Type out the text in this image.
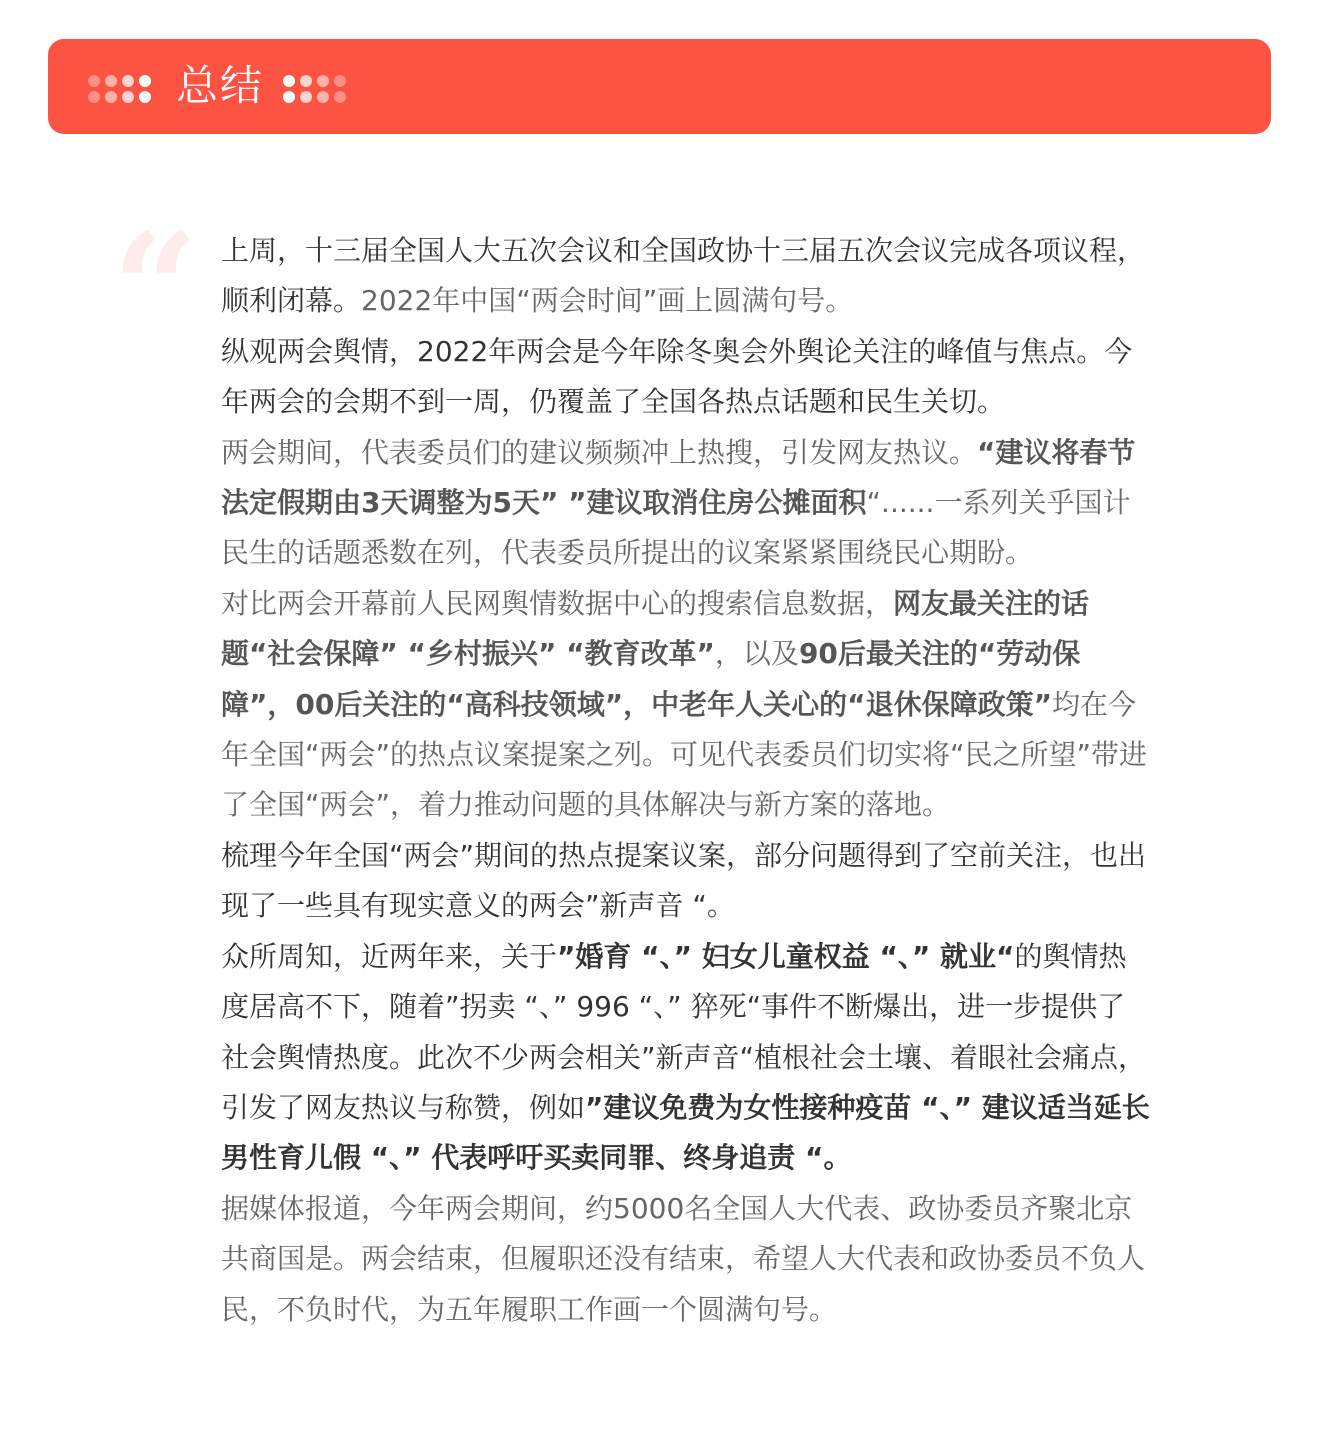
总结
“ 上周，十三届全国人大五次会议和全国政协十三届五次会议完成各项议程，顺利闭幕。2022年中国“两会时间”画上圆满句号。

纵观两会舆情，2022年两会是今年除冬奥会外舆论关注的峰值与焦点。今年两会的会期不到一周，仍覆盖了全国各热点话题和民生关切。

两会期间，代表委员们的建议频频冲上热搜，引发网友热议。“建议将春节法定假期由3天调整为5天” ”建议取消住房公摊面积“......一系列关乎国计民生的话题悉数在列，代表委员所提出的议案紧紧围绕民心期盼。

对比两会开幕前人民网舆情数据中心的搜索信息数据，网友最关注的话题“社会保障” “乡村振兴” “教育改革”，以及90后最关注的“劳动保障”，00后关注的“高科技领域”，中老年人关心的“退休保障政策”均在今年全国“两会”的热点议案提案之列。可见代表委员们切实将“民之所望”带进了全国“两会”，着力推动问题的具体解决与新方案的落地。

梳理今年全国“两会”期间的热点提案议案，部分问题得到了空前关注，也出现了一些具有现实意义的两会”新声音 “。

众所周知，近两年来，关于”婚育 “、” 妇女儿童权益 “、” 就业“的舆情热度居高不下，随着”拐卖 “、” 996 “、” 猝死“事件不断爆出，进一步提供了社会舆情热度。此次不少两会相关”新声音“植根社会土壤、着眼社会痛点，引发了网友热议与称赞，例如”建议免费为女性接种疫苗 “、” 建议适当延长男性育儿假 “、” 代表呼吁买卖同罪、终身追责 “。

据媒体报道，今年两会期间，约5000名全国人大代表、政协委员齐聚北京共商国是。两会结束，但履职还没有结束，希望人大代表和政协委员不负人民，不负时代，为五年履职工作画一个圆满句号。
